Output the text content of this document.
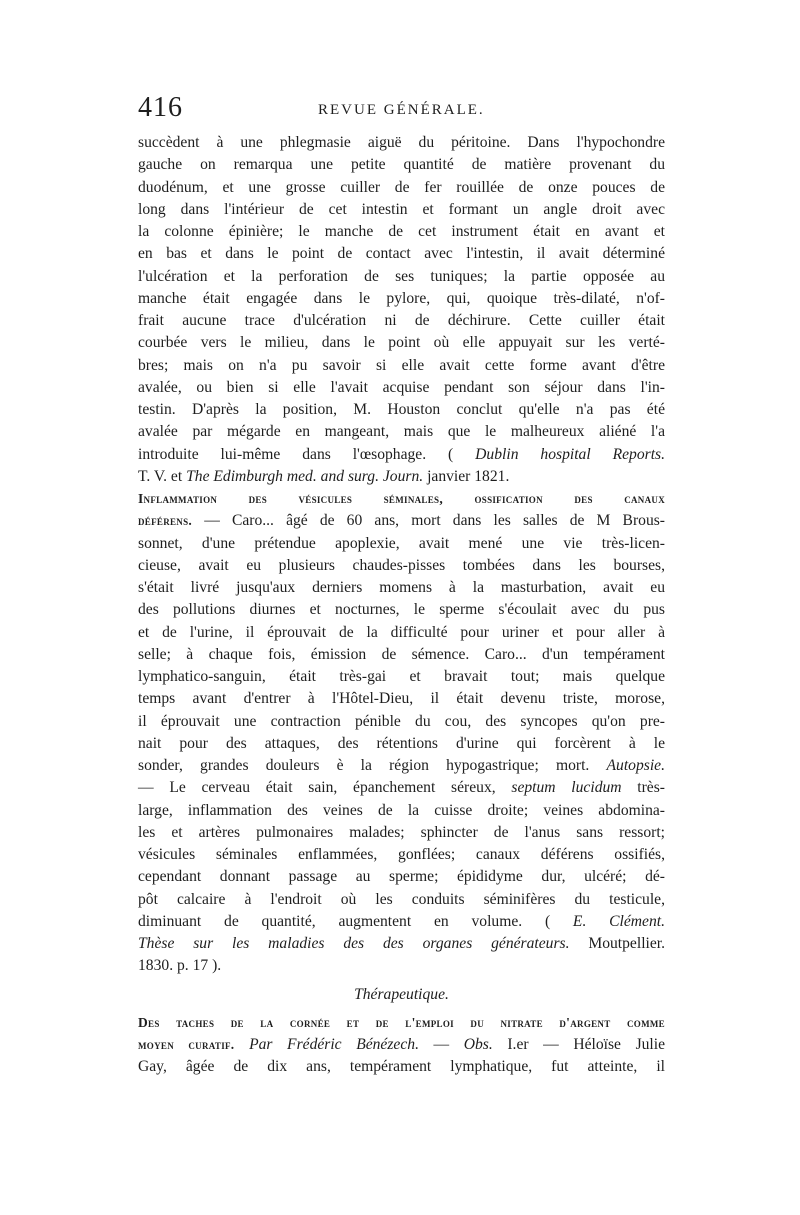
416	REVUE GÉNÉRALE.
succèdent à une phlegmasie aiguë du péritoine. Dans l'hypochondre
gauche on remarqua une petite quantité de matière provenant du
duodénum, et une grosse cuiller de fer rouillée de onze pouces de
long dans l'intérieur de cet intestin et formant un angle droit avec
la colonne épinière; le manche de cet instrument était en avant et
en bas et dans le point de contact avec l'intestin, il avait déterminé
l'ulcération et la perforation de ses tuniques; la partie opposée au
manche était engagée dans le pylore, qui, quoique très-dilaté, n'of-
frait aucune trace d'ulcération ni de déchirure. Cette cuiller était
courbée vers le milieu, dans le point où elle appuyait sur les verté-
bres; mais on n'a pu savoir si elle avait cette forme avant d'être
avalée, ou bien si elle l'avait acquise pendant son séjour dans l'in-
testin. D'après la position, M. Houston conclut qu'elle n'a pas été
avalée par mégarde en mangeant, mais que le malheureux aliéné l'a
introduite lui-même dans l'œsophage. ( Dublin hospital Reports.
T. V. et The Edimburgh med. and surg. Journ. janvier 1821.
Inflammation des vésicules séminales, ossification des canaux
déférens. — Caro... âgé de 60 ans, mort dans les salles de M Brous-
sonnet, d'une prétendue apoplexie, avait mené une vie très-licen-
cieuse, avait eu plusieurs chaudes-pisses tombées dans les bourses,
s'était livré jusqu'aux derniers momens à la masturbation, avait eu
des pollutions diurnes et nocturnes, le sperme s'écoulait avec du pus
et de l'urine, il éprouvait de la difficulté pour uriner et pour aller à
selle; à chaque fois, émission de sémence. Caro... d'un tempérament
lymphatico-sanguin, était très-gai et bravait tout; mais quelque
temps avant d'entrer à l'Hôtel-Dieu, il était devenu triste, morose,
il éprouvait une contraction pénible du cou, des syncopes qu'on pre-
nait pour des attaques, des rétentions d'urine qui forcèrent à le
sonder, grandes douleurs è la région hypogastrique; mort. Autopsie.
— Le cerveau était sain, épanchement séreux, septum lucidum très-
large, inflammation des veines de la cuisse droite; veines abdomina-
les et artères pulmonaires malades; sphincter de l'anus sans ressort;
vésicules séminales enflammées, gonflées; canaux déférens ossifiés,
cependant donnant passage au sperme; épididyme dur, ulcéré; dé-
pôt calcaire à l'endroit où les conduits séminifères du testicule,
diminuant de quantité, augmentent en volume. ( E. Clément.
Thèse sur les maladies des des organes générateurs. Moutpellier.
1830. p. 17 ).
Thérapeutique.
Des taches de la cornée et de l'emploi du nitrate d'argent comme
moyen curatif. Par Frédéric Bénézech. — Obs. I.er — Héloïse Julie
Gay, âgée de dix ans, tempérament lymphatique, fut atteinte, il
